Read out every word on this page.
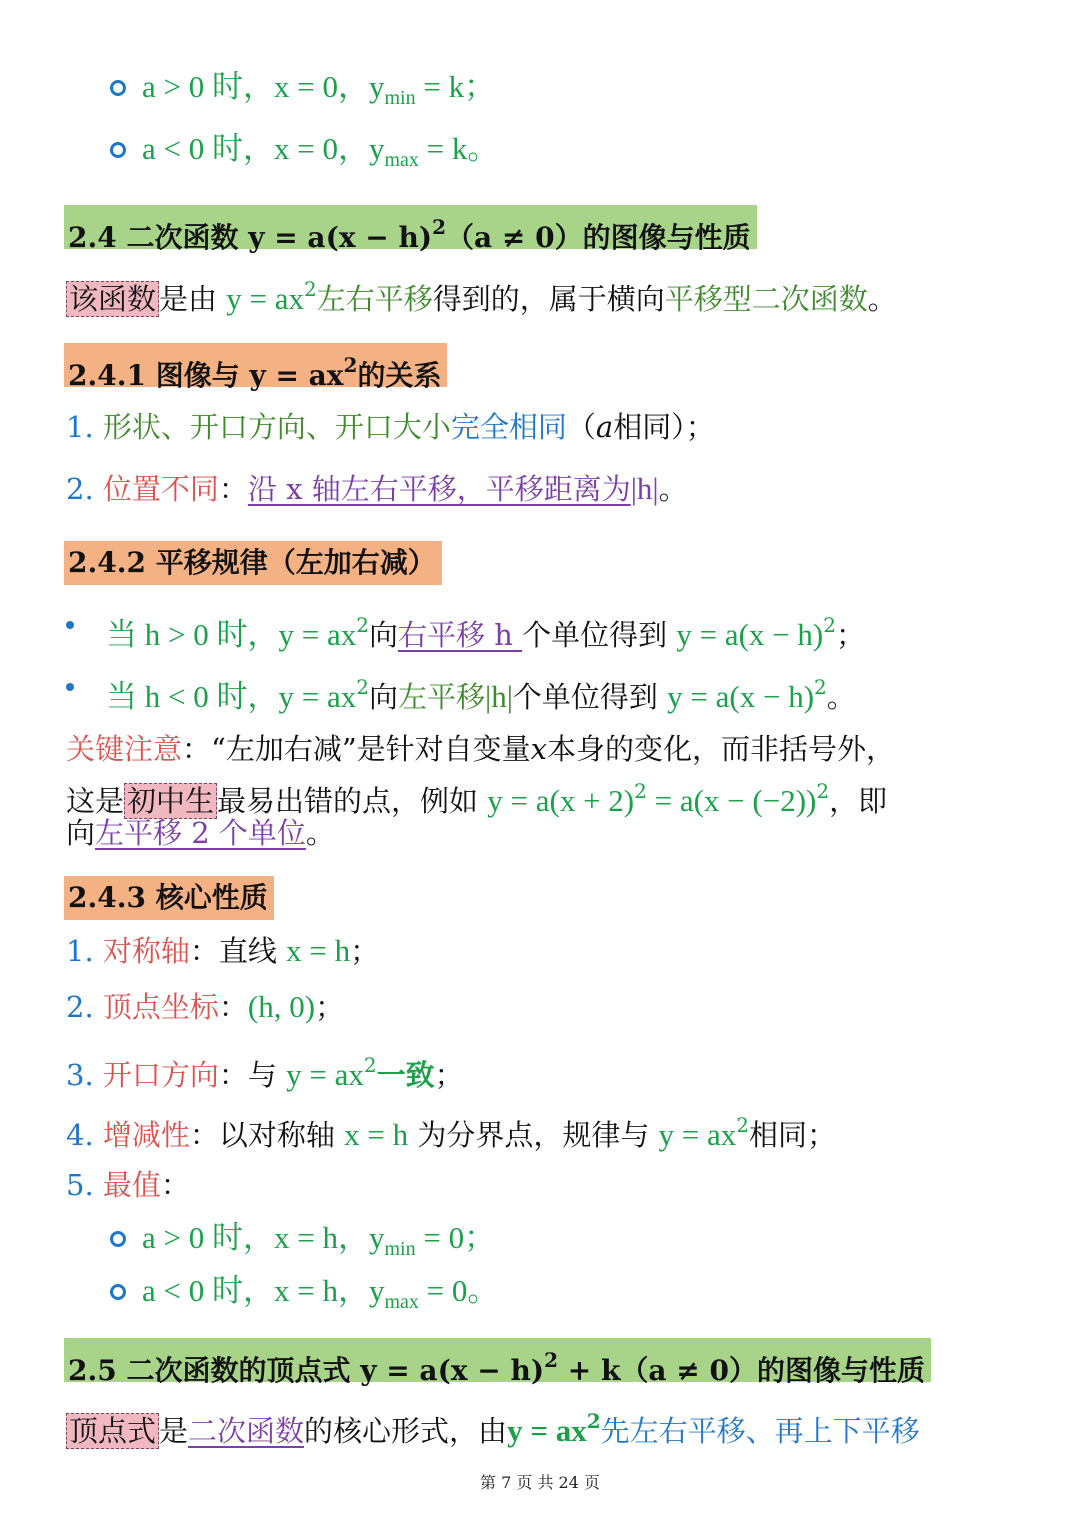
a > 0 时，x = 0，$y_{min} = k$；
a < 0 时，x = 0，$y_{max} = k$。
2.4 二次函数 $y = a(x - h)^2(a \ne 0)$的图像与性质
该函数 是由 $y = ax^2$左右平移得到的，属于横向平移型二次函数。
2.4.1 图像与 $y = ax^2$的关系
1. 形状、开口方向、开口大小完全相同（𝑎相同）；
2. 位置不同：沿 x 轴左右平移，平移距离为|h|。
2.4.2 平移规律（左加右减）
当 h > 0 时，$y = ax^2$向右平移 h 个单位得到 $y = a(x - h)^2$；
当 h < 0 时，$y = ax^2$向左平移|h|个单位得到 $y = a(x - h)^2$。
关键注意：“左加右减”是针对自变量𝑥本身的变化，而非括号外，
这是 初中生 最易出错的点，例如 $y = a(x + 2)^2 = a(x - (-2))^2$，即
向左平移 2 个单位。
2.4.3 核心性质
1. 对称轴：直线 x = h；
2. 顶点坐标：(h, 0)；
3. 开口方向：与 $y = ax^2$一致；
4. 增减性：以对称轴 x = h 为分界点，规律与 $y = ax^2$相同；
5. 最值：
a > 0 时，x = h，$y_{min} = 0$；
a < 0 时，x = h，$y_{max} = 0$。
2.5 二次函数的顶点式 $y = a(x - h)^2 + k(a \ne 0)$的图像与性质
顶点式 是二次函数的核心形式，由$y = ax^2$先左右平移、再上下平移
第 7 页 共 24 页
